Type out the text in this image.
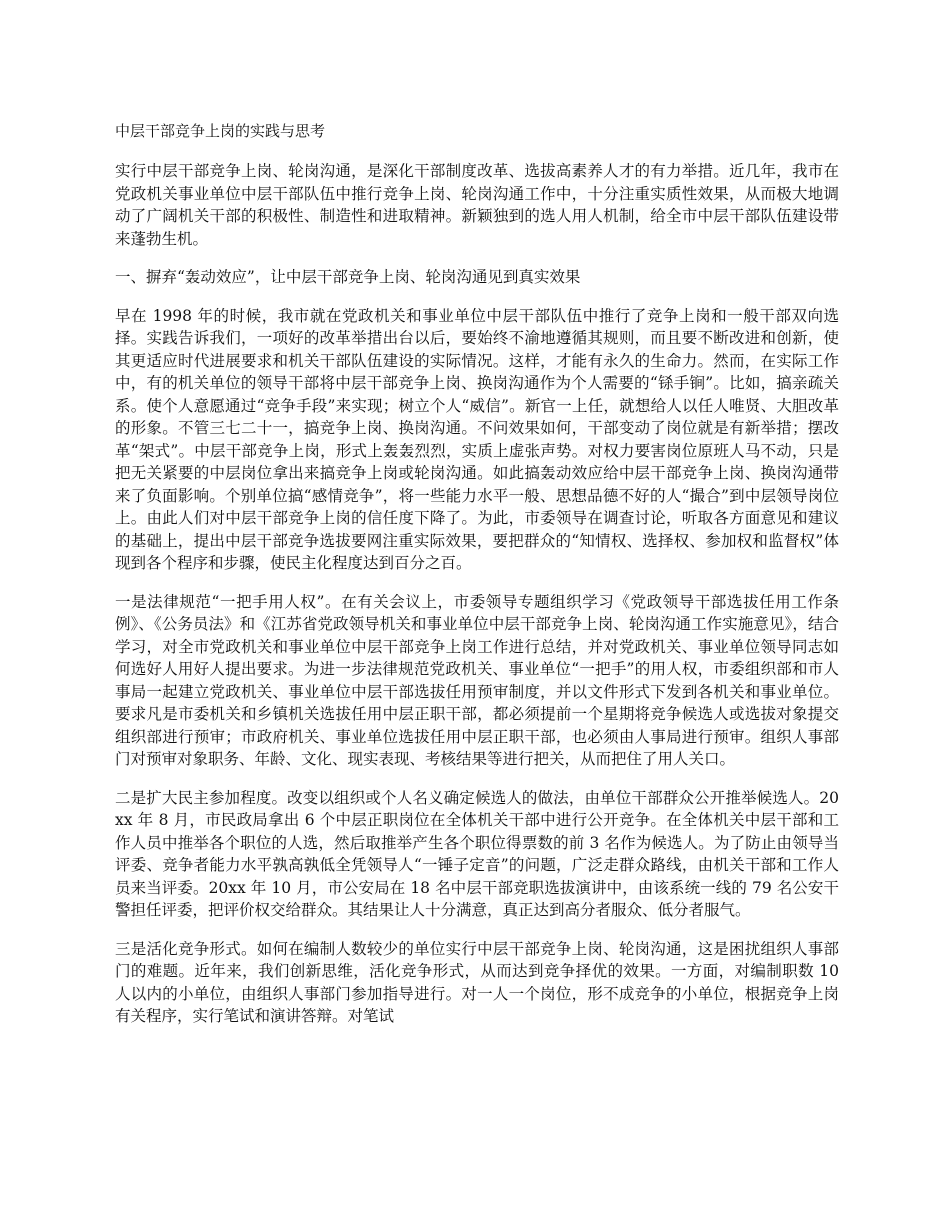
中层干部竞争上岗的实践与思考

实行中层干部竞争上岗、轮岗沟通，是深化干部制度改革、选拔高素养人才的有力举措。近几年，我市在党政机关事业单位中层干部队伍中推行竞争上岗、轮岗沟通工作中，十分注重实质性效果，从而极大地调动了广阔机关干部的积极性、制造性和进取精神。新颖独到的选人用人机制，给全市中层干部队伍建设带来蓬勃生机。

一、摒弃“轰动效应”，让中层干部竞争上岗、轮岗沟通见到真实效果

早在 1998 年的时候，我市就在党政机关和事业单位中层干部队伍中推行了竞争上岗和一般干部双向选择。实践告诉我们，一项好的改革举措出台以后，要始终不渝地遵循其规则，而且要不断改进和创新，使其更适应时代进展要求和机关干部队伍建设的实际情况。这样，才能有永久的生命力。然而，在实际工作中，有的机关单位的领导干部将中层干部竞争上岗、换岗沟通作为个人需要的“铩手锏”。比如，搞亲疏关系。使个人意愿通过“竞争手段”来实现；树立个人“威信”。新官一上任，就想给人以任人唯贤、大胆改革的形象。不管三七二十一，搞竞争上岗、换岗沟通。不问效果如何，干部变动了岗位就是有新举措；摆改革“架式”。中层干部竞争上岗，形式上轰轰烈烈，实质上虚张声势。对权力要害岗位原班人马不动，只是把无关紧要的中层岗位拿出来搞竞争上岗或轮岗沟通。如此搞轰动效应给中层干部竞争上岗、换岗沟通带来了负面影响。个别单位搞“感情竞争”，将一些能力水平一般、思想品德不好的人“撮合”到中层领导岗位上。由此人们对中层干部竞争上岗的信任度下降了。为此，市委领导在调查讨论，听取各方面意见和建议的基础上，提出中层干部竞争选拔要网注重实际效果，要把群众的“知情权、选择权、参加权和监督权”体现到各个程序和步骤，使民主化程度达到百分之百。

一是法律规范“一把手用人权”。在有关会议上，市委领导专题组织学习《党政领导干部选拔任用工作条例》、《公务员法》和《江苏省党政领导机关和事业单位中层干部竞争上岗、轮岗沟通工作实施意见》，结合学习，对全市党政机关和事业单位中层干部竞争上岗工作进行总结，并对党政机关、事业单位领导同志如何选好人用好人提出要求。为进一步法律规范党政机关、事业单位“一把手”的用人权，市委组织部和市人事局一起建立党政机关、事业单位中层干部选拔任用预审制度，并以文件形式下发到各机关和事业单位。要求凡是市委机关和乡镇机关选拔任用中层正职干部，都必须提前一个星期将竞争候选人或选拔对象提交组织部进行预审；市政府机关、事业单位选拔任用中层正职干部，也必须由人事局进行预审。组织人事部门对预审对象职务、年龄、文化、现实表现、考核结果等进行把关，从而把住了用人关口。

二是扩大民主参加程度。改变以组织或个人名义确定候选人的做法，由单位干部群众公开推举候选人。20xx 年 8 月，市民政局拿出 6 个中层正职岗位在全体机关干部中进行公开竞争。在全体机关中层干部和工作人员中推举各个职位的人选，然后取推举产生各个职位得票数的前 3 名作为候选人。为了防止由领导当评委、竞争者能力水平孰高孰低全凭领导人“一锤子定音”的问题，广泛走群众路线，由机关干部和工作人员来当评委。20xx 年 10 月，市公安局在 18 名中层干部竞职选拔演讲中，由该系统一线的 79 名公安干警担任评委，把评价权交给群众。其结果让人十分满意，真正达到高分者服众、低分者服气。

三是活化竞争形式。如何在编制人数较少的单位实行中层干部竞争上岗、轮岗沟通，这是困扰组织人事部门的难题。近年来，我们创新思维，活化竞争形式，从而达到竞争择优的效果。一方面，对编制职数 10 人以内的小单位，由组织人事部门参加指导进行。对一人一个岗位，形不成竞争的小单位，根据竞争上岗有关程序，实行笔试和演讲答辩。对笔试
